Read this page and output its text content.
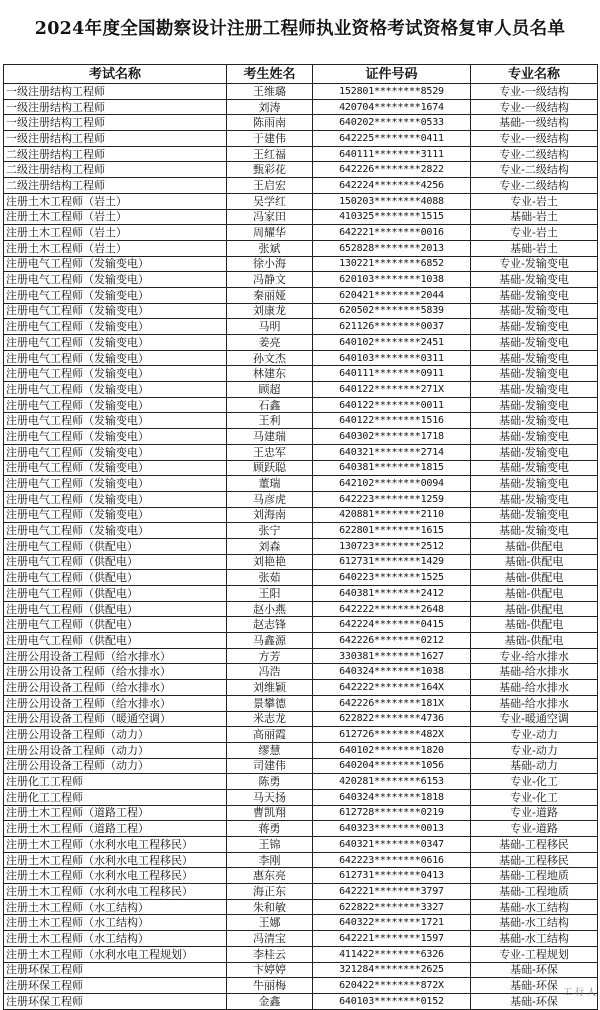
2024年度全国勘察设计注册工程师执业资格考试资格复审人员名单
考试名称	考生姓名	证件号码	专业名称
一级注册结构工程师	王维璐	152801********8529	专业-一级结构
一级注册结构工程师	刘涛	420704********1674	专业-一级结构
一级注册结构工程师	陈雨南	640202********0533	基础-一级结构
一级注册结构工程师	于建伟	642225********0411	专业-一级结构
二级注册结构工程师	王红福	640111********3111	专业-二级结构
二级注册结构工程师	甄彩花	642226********2822	专业-二级结构
二级注册结构工程师	王启宏	642224********4256	专业-二级结构
注册土木工程师（岩土）	吴学红	150203********4088	专业-岩土
注册土木工程师（岩土）	冯家田	410325********1515	基础-岩土
注册土木工程师（岩土）	周耀华	642221********0016	专业-岩土
注册土木工程师（岩土）	张斌	652828********2013	基础-岩土
注册电气工程师（发输变电）	徐小海	130221********6852	专业-发输变电
注册电气工程师（发输变电）	冯静文	620103********1038	基础-发输变电
注册电气工程师（发输变电）	秦丽娅	620421********2044	基础-发输变电
注册电气工程师（发输变电）	刘康龙	620502********5839	基础-发输变电
注册电气工程师（发输变电）	马明	621126********0037	基础-发输变电
注册电气工程师（发输变电）	姜亮	640102********2451	基础-发输变电
注册电气工程师（发输变电）	孙文杰	640103********0311	基础-发输变电
注册电气工程师（发输变电）	林建东	640111********0911	基础-发输变电
注册电气工程师（发输变电）	顾超	640122********271X	基础-发输变电
注册电气工程师（发输变电）	石鑫	640122********0011	基础-发输变电
注册电气工程师（发输变电）	王利	640122********1516	基础-发输变电
注册电气工程师（发输变电）	马建瑞	640302********1718	基础-发输变电
注册电气工程师（发输变电）	王忠军	640321********2714	基础-发输变电
注册电气工程师（发输变电）	顾跃聪	640381********1815	基础-发输变电
注册电气工程师（发输变电）	董瑞	642102********0094	基础-发输变电
注册电气工程师（发输变电）	马彦虎	642223********1259	基础-发输变电
注册电气工程师（发输变电）	刘海南	420881********2110	基础-发输变电
注册电气工程师（发输变电）	张宁	622801********1615	基础-发输变电
注册电气工程师（供配电）	刘森	130723********2512	基础-供配电
注册电气工程师（供配电）	刘艳艳	612731********1429	基础-供配电
注册电气工程师（供配电）	张茹	640223********1525	基础-供配电
注册电气工程师（供配电）	王阳	640381********2412	基础-供配电
注册电气工程师（供配电）	赵小燕	642222********2648	基础-供配电
注册电气工程师（供配电）	赵志锋	642224********0415	基础-供配电
注册电气工程师（供配电）	马鑫源	642226********0212	基础-供配电
注册公用设备工程师（给水排水）	方芳	330381********1627	专业-给水排水
注册公用设备工程师（给水排水）	冯浩	640324********1038	基础-给水排水
注册公用设备工程师（给水排水）	刘维颖	642222********164X	基础-给水排水
注册公用设备工程师（给水排水）	景攀德	642226********181X	基础-给水排水
注册公用设备工程师（暖通空调）	米志龙	622822********4736	专业-暖通空调
注册公用设备工程师（动力）	高丽霞	612726********482X	专业-动力
注册公用设备工程师（动力）	缪慧	640102********1820	专业-动力
注册公用设备工程师（动力）	司建伟	640204********1056	基础-动力
注册化工工程师	陈勇	420281********6153	专业-化工
注册化工工程师	马天扬	640324********1818	专业-化工
注册土木工程师（道路工程）	曹凯翔	612728********0219	专业-道路
注册土木工程师（道路工程）	蒋勇	640323********0013	专业-道路
注册土木工程师（水利水电工程移民）	王锦	640321********0347	基础-工程移民
注册土木工程师（水利水电工程移民）	李刚	642223********0616	基础-工程移民
注册土木工程师（水利水电工程移民）	惠东亮	612731********0413	基础-工程地质
注册土木工程师（水利水电工程移民）	海正东	642221********3797	基础-工程地质
注册土木工程师（水工结构）	朱和敏	622822********3327	基础-水工结构
注册土木工程师（水工结构）	王娜	640322********1721	基础-水工结构
注册土木工程师（水工结构）	冯清宝	642221********1597	基础-水工结构
注册土木工程师（水利水电工程规划）	李桂云	411422********6326	专业-工程规划
注册环保工程师	卞婷婷	321284********2625	基础-环保
注册环保工程师	牛丽梅	620422********872X	基础-环保
注册环保工程师	金鑫	640103********0152	基础-环保 工 行 人
